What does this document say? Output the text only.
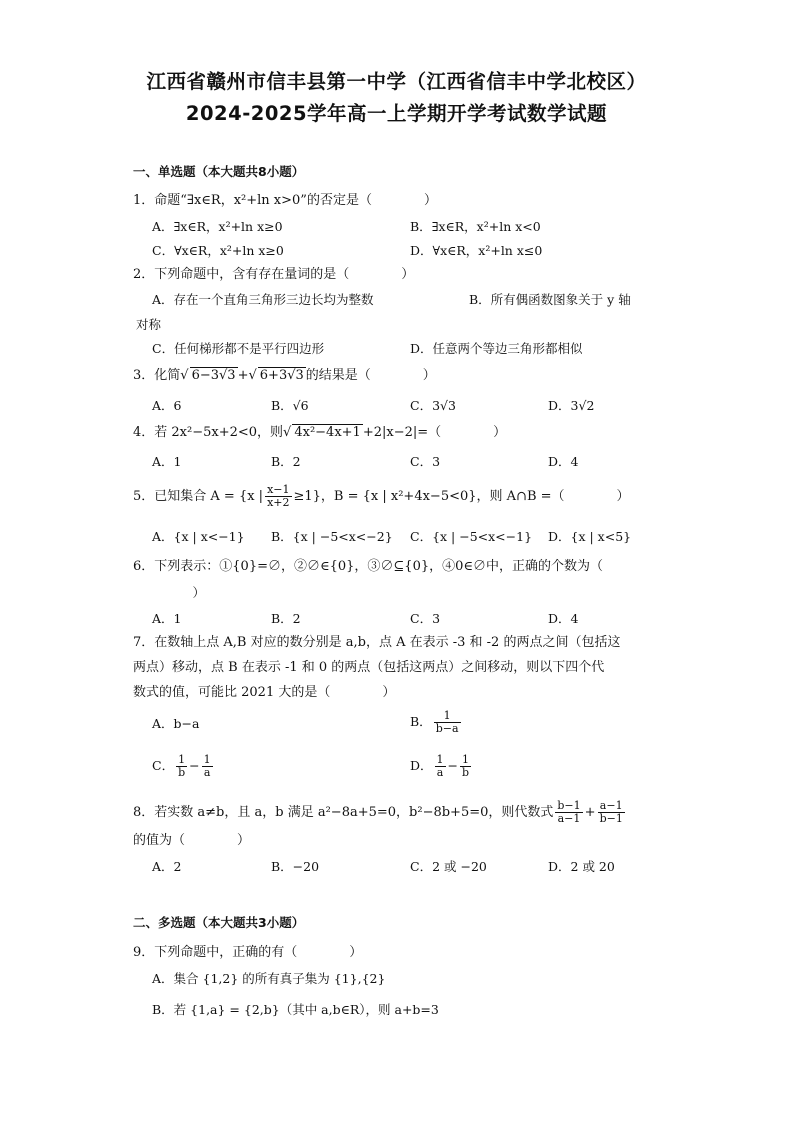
江西省赣州市信丰县第一中学（江西省信丰中学北校区）
2024-2025学年高一上学期开学考试数学试题
一、单选题（本大题共8小题）
1．命题“∃x∈R，x²+ln x>0”的否定是（　　　　）
A．∃x∈R，x²+ln x≥0	B．∃x∈R，x²+ln x<0
C．∀x∈R，x²+ln x≥0	D．∀x∈R，x²+ln x≤0
2．下列命题中，含有存在量词的是（　　　　）
A．存在一个直角三角形三边长均为整数	B．所有偶函数图象关于 y 轴
对称
C．任何梯形都不是平行四边形	D．任意两个等边三角形都相似
3．化简√ 6−3√3 +√ 6+3√3 的结果是（　　　　）
A．6	B．√6	C．3√3	D．3√2
4．若 2x²−5x+2<0，则√ 4x²−4x+1 +2|x−2|=（　　　　）
A．1	B．2	C．3	D．4
5．已知集合 A = {x | $\frac{x-1}{x+2} \ge 1$}，B = {x | x²+4x−5<0}，则 A∩B =（　　　　）
A．{x | x<−1} B．{x | −5<x<−2} C．{x | −5<x<−1} D．{x | x<5}
6．下列表示：①{0}=∅，②∅∈{0}，③∅⊆{0}，④0∈∅中，正确的个数为（
　）
A．1	B．2	C．3	D．4
7．在数轴上点 A,B 对应的数分别是 a,b，点 A 在表示 -3 和 -2 的两点之间（包括这
两点）移动，点 B 在表示 -1 和 0 的两点（包括这两点）之间移动，则以下四个代
数式的值，可能比 2021 大的是（　　　　）
A．b−a	B． $\frac{1}{b-a}$
C． $\frac{1}{b} - \frac{1}{a}$	D． $\frac{1}{a} - \frac{1}{b}$
8．若实数 a≠b，且 a，b 满足 a²−8a+5=0，b²−8b+5=0，则代数式 $\frac{b-1}{a-1} + \frac{a-1}{b-1}$
的值为（　　　　）
A．2	B．−20	C．2 或 −20	D．2 或 20
二、多选题（本大题共3小题）
9．下列命题中，正确的有（　　　　）
A．集合 {1,2} 的所有真子集为 {1},{2}
B．若 {1,a} = {2,b}（其中 a,b∈R），则 a+b=3
